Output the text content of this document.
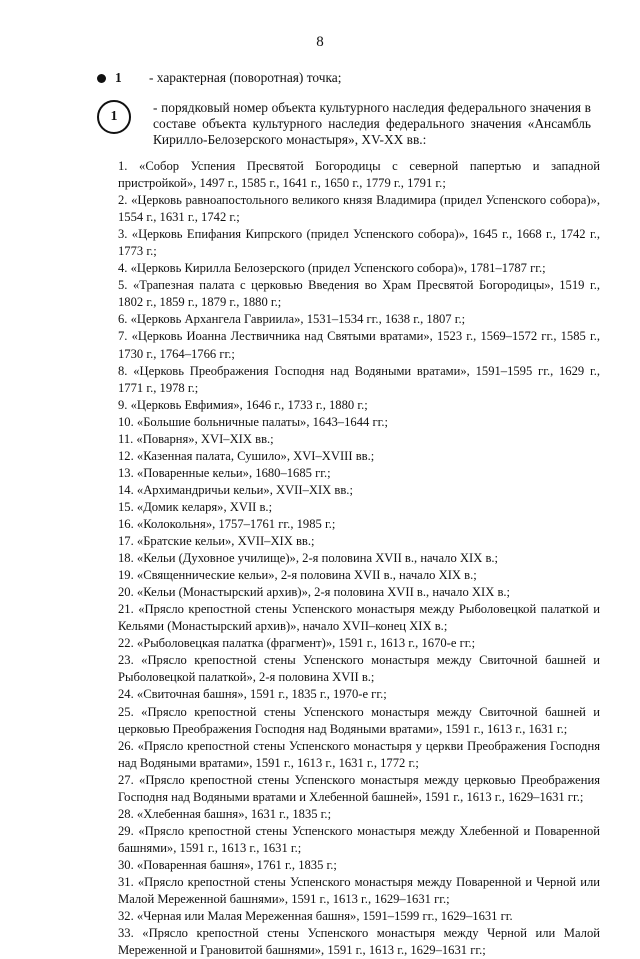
8
1 - характерная (поворотная) точка;
1
- порядковый номер объекта культурного наследия федерального значения в составе объекта культурного наследия федерального значения «Ансамбль Кирилло-Белозерского монастыря», XV-XX вв.:

1. «Собор Успения Пресвятой Богородицы с северной папертью и западной пристройкой», 1497 г., 1585 г., 1641 г., 1650 г., 1779 г., 1791 г.;

2. «Церковь равноапостольного великого князя Владимира (придел Успенского собора)», 1554 г., 1631 г., 1742 г.;

3. «Церковь Епифания Кипрского (придел Успенского собора)», 1645 г., 1668 г., 1742 г., 1773 г.;

4. «Церковь Кирилла Белозерского (придел Успенского собора)», 1781–1787 гг.;

5. «Трапезная палата с церковью Введения во Храм Пресвятой Богородицы», 1519 г., 1802 г., 1859 г., 1879 г., 1880 г.;

6. «Церковь Архангела Гавриила», 1531–1534 гг., 1638 г., 1807 г.;

7. «Церковь Иоанна Лествичника над Святыми вратами», 1523 г., 1569–1572 гг., 1585 г., 1730 г., 1764–1766 гг.;

8. «Церковь Преображения Господня над Водяными вратами», 1591–1595 гг., 1629 г., 1771 г., 1978 г.;

9. «Церковь Евфимия», 1646 г., 1733 г., 1880 г.;

10. «Большие больничные палаты», 1643–1644 гг.;

11. «Поварня», XVI–XIX вв.;

12. «Казенная палата, Сушило», XVI–XVIII вв.;

13. «Поваренные кельи», 1680–1685 гг.;

14. «Архимандричьи кельи», XVII–XIX вв.;

15. «Домик келаря», XVII в.;

16. «Колокольня», 1757–1761 гг., 1985 г.;

17. «Братские кельи», XVII–XIX вв.;

18. «Кельи (Духовное училище)», 2-я половина XVII в., начало XIX в.;

19. «Священнические кельи», 2-я половина XVII в., начало XIX в.;

20. «Кельи (Монастырский архив)», 2-я половина XVII в., начало XIX в.;

21. «Прясло крепостной стены Успенского монастыря между Рыболовецкой палаткой и Кельями (Монастырский архив)», начало XVII–конец XIX в.;

22. «Рыболовецкая палатка (фрагмент)», 1591 г., 1613 г., 1670-е гг.;

23. «Прясло крепостной стены Успенского монастыря между Свиточной башней и Рыболовецкой палаткой», 2-я половина XVII в.;

24. «Свиточная башня», 1591 г., 1835 г., 1970-е гг.;

25. «Прясло крепостной стены Успенского монастыря между Свиточной башней и церковью Преображения Господня над Водяными вратами», 1591 г., 1613 г., 1631 г.;

26. «Прясло крепостной стены Успенского монастыря у церкви Преображения Господня над Водяными вратами», 1591 г., 1613 г., 1631 г., 1772 г.;

27. «Прясло крепостной стены Успенского монастыря между церковью Преображения Господня над Водяными вратами и Хлебенной башней», 1591 г., 1613 г., 1629–1631 гг.;

28. «Хлебенная башня», 1631 г., 1835 г.;

29. «Прясло крепостной стены Успенского монастыря между Хлебенной и Поваренной башнями», 1591 г., 1613 г., 1631 г.;

30. «Поваренная башня», 1761 г., 1835 г.;

31. «Прясло крепостной стены Успенского монастыря между Поваренной и Черной или Малой Мереженной башнями», 1591 г., 1613 г., 1629–1631 гг.;

32. «Черная или Малая Мереженная башня», 1591–1599 гг., 1629–1631 гг.

33. «Прясло крепостной стены Успенского монастыря между Черной или Малой Мереженной и Грановитой башнями», 1591 г., 1613 г., 1629–1631 гг.;
